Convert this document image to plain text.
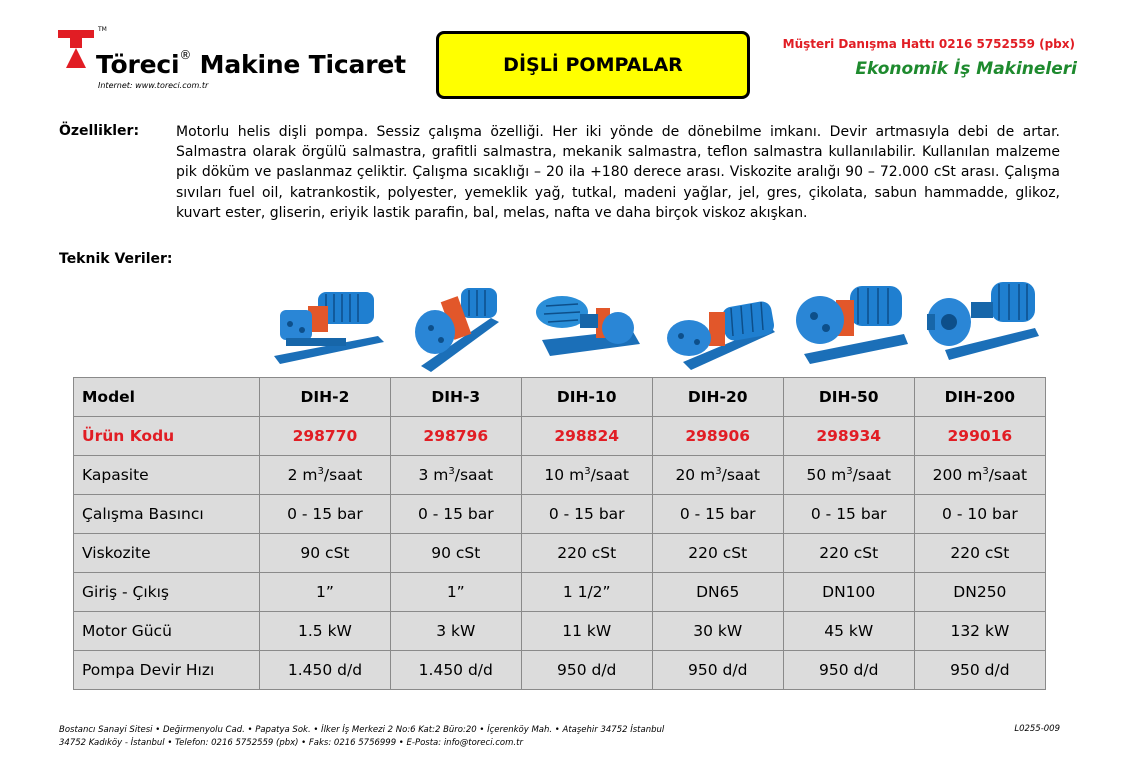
TM
Töreci® Makine Ticaret
Internet: www.toreci.com.tr
DİŞLİ POMPALAR
Müşteri Danışma Hattı 0216 5752559 (pbx)
Ekonomik İş Makineleri
Özellikler:	Motorlu helis dişli pompa. Sessiz çalışma özelliği. Her iki yönde de dönebilme imkanı. Devir artmasıyla debi de artar. Salmastra olarak örgülü salmastra, grafitli salmastra, mekanik salmastra, teflon salmastra kullanılabilir. Kullanılan malzeme pik döküm ve paslanmaz çeliktir. Çalışma sıcaklığı – 20 ila +180 derece arası. Viskozite aralığı 90 – 72.000 cSt arası. Çalışma sıvıları fuel oil, katrankostik, polyester, yemeklik yağ, tutkal, madeni yağlar, jel, gres, çikolata, sabun hammadde, glikoz, kuvart ester, gliserin, eriyik lastik parafin, bal, melas, nafta ve daha birçok viskoz akışkan.
Teknik Veriler:
Model	DIH-2	DIH-3	DIH-10	DIH-20	DIH-50	DIH-200
Ürün Kodu	298770	298796	298824	298906	298934	299016
Kapasite	2 $m^3$/saat	3 $m^3$/saat	10 $m^3$/saat	20 $m^3$/saat	50 $m^3$/saat	200 $m^3$/saat
Çalışma Basıncı	0 - 15 bar	0 - 15 bar	0 - 15 bar	0 - 15 bar	0 - 15 bar	0 - 10 bar
Viskozite	90 cSt	90 cSt	220 cSt	220 cSt	220 cSt	220 cSt
Giriş - Çıkış	1”	1”	1 1/2”	DN65	DN100	DN250
Motor Gücü	1.5 kW	3 kW	11 kW	30 kW	45 kW	132 kW
Pompa Devir Hızı	1.450 d/d	1.450 d/d	950 d/d	950 d/d	950 d/d	950 d/d
Bostancı Sanayi Sitesi • Değirmenyolu Cad. • Papatya Sok. • İlker İş Merkezi 2 No:6 Kat:2 Büro:20 • İçerenköy Mah. • Ataşehir 34752 İstanbul
34752 Kadıköy - İstanbul • Telefon: 0216 5752559 (pbx) • Faks: 0216 5756999 • E-Posta: info@toreci.com.tr
L0255-009
